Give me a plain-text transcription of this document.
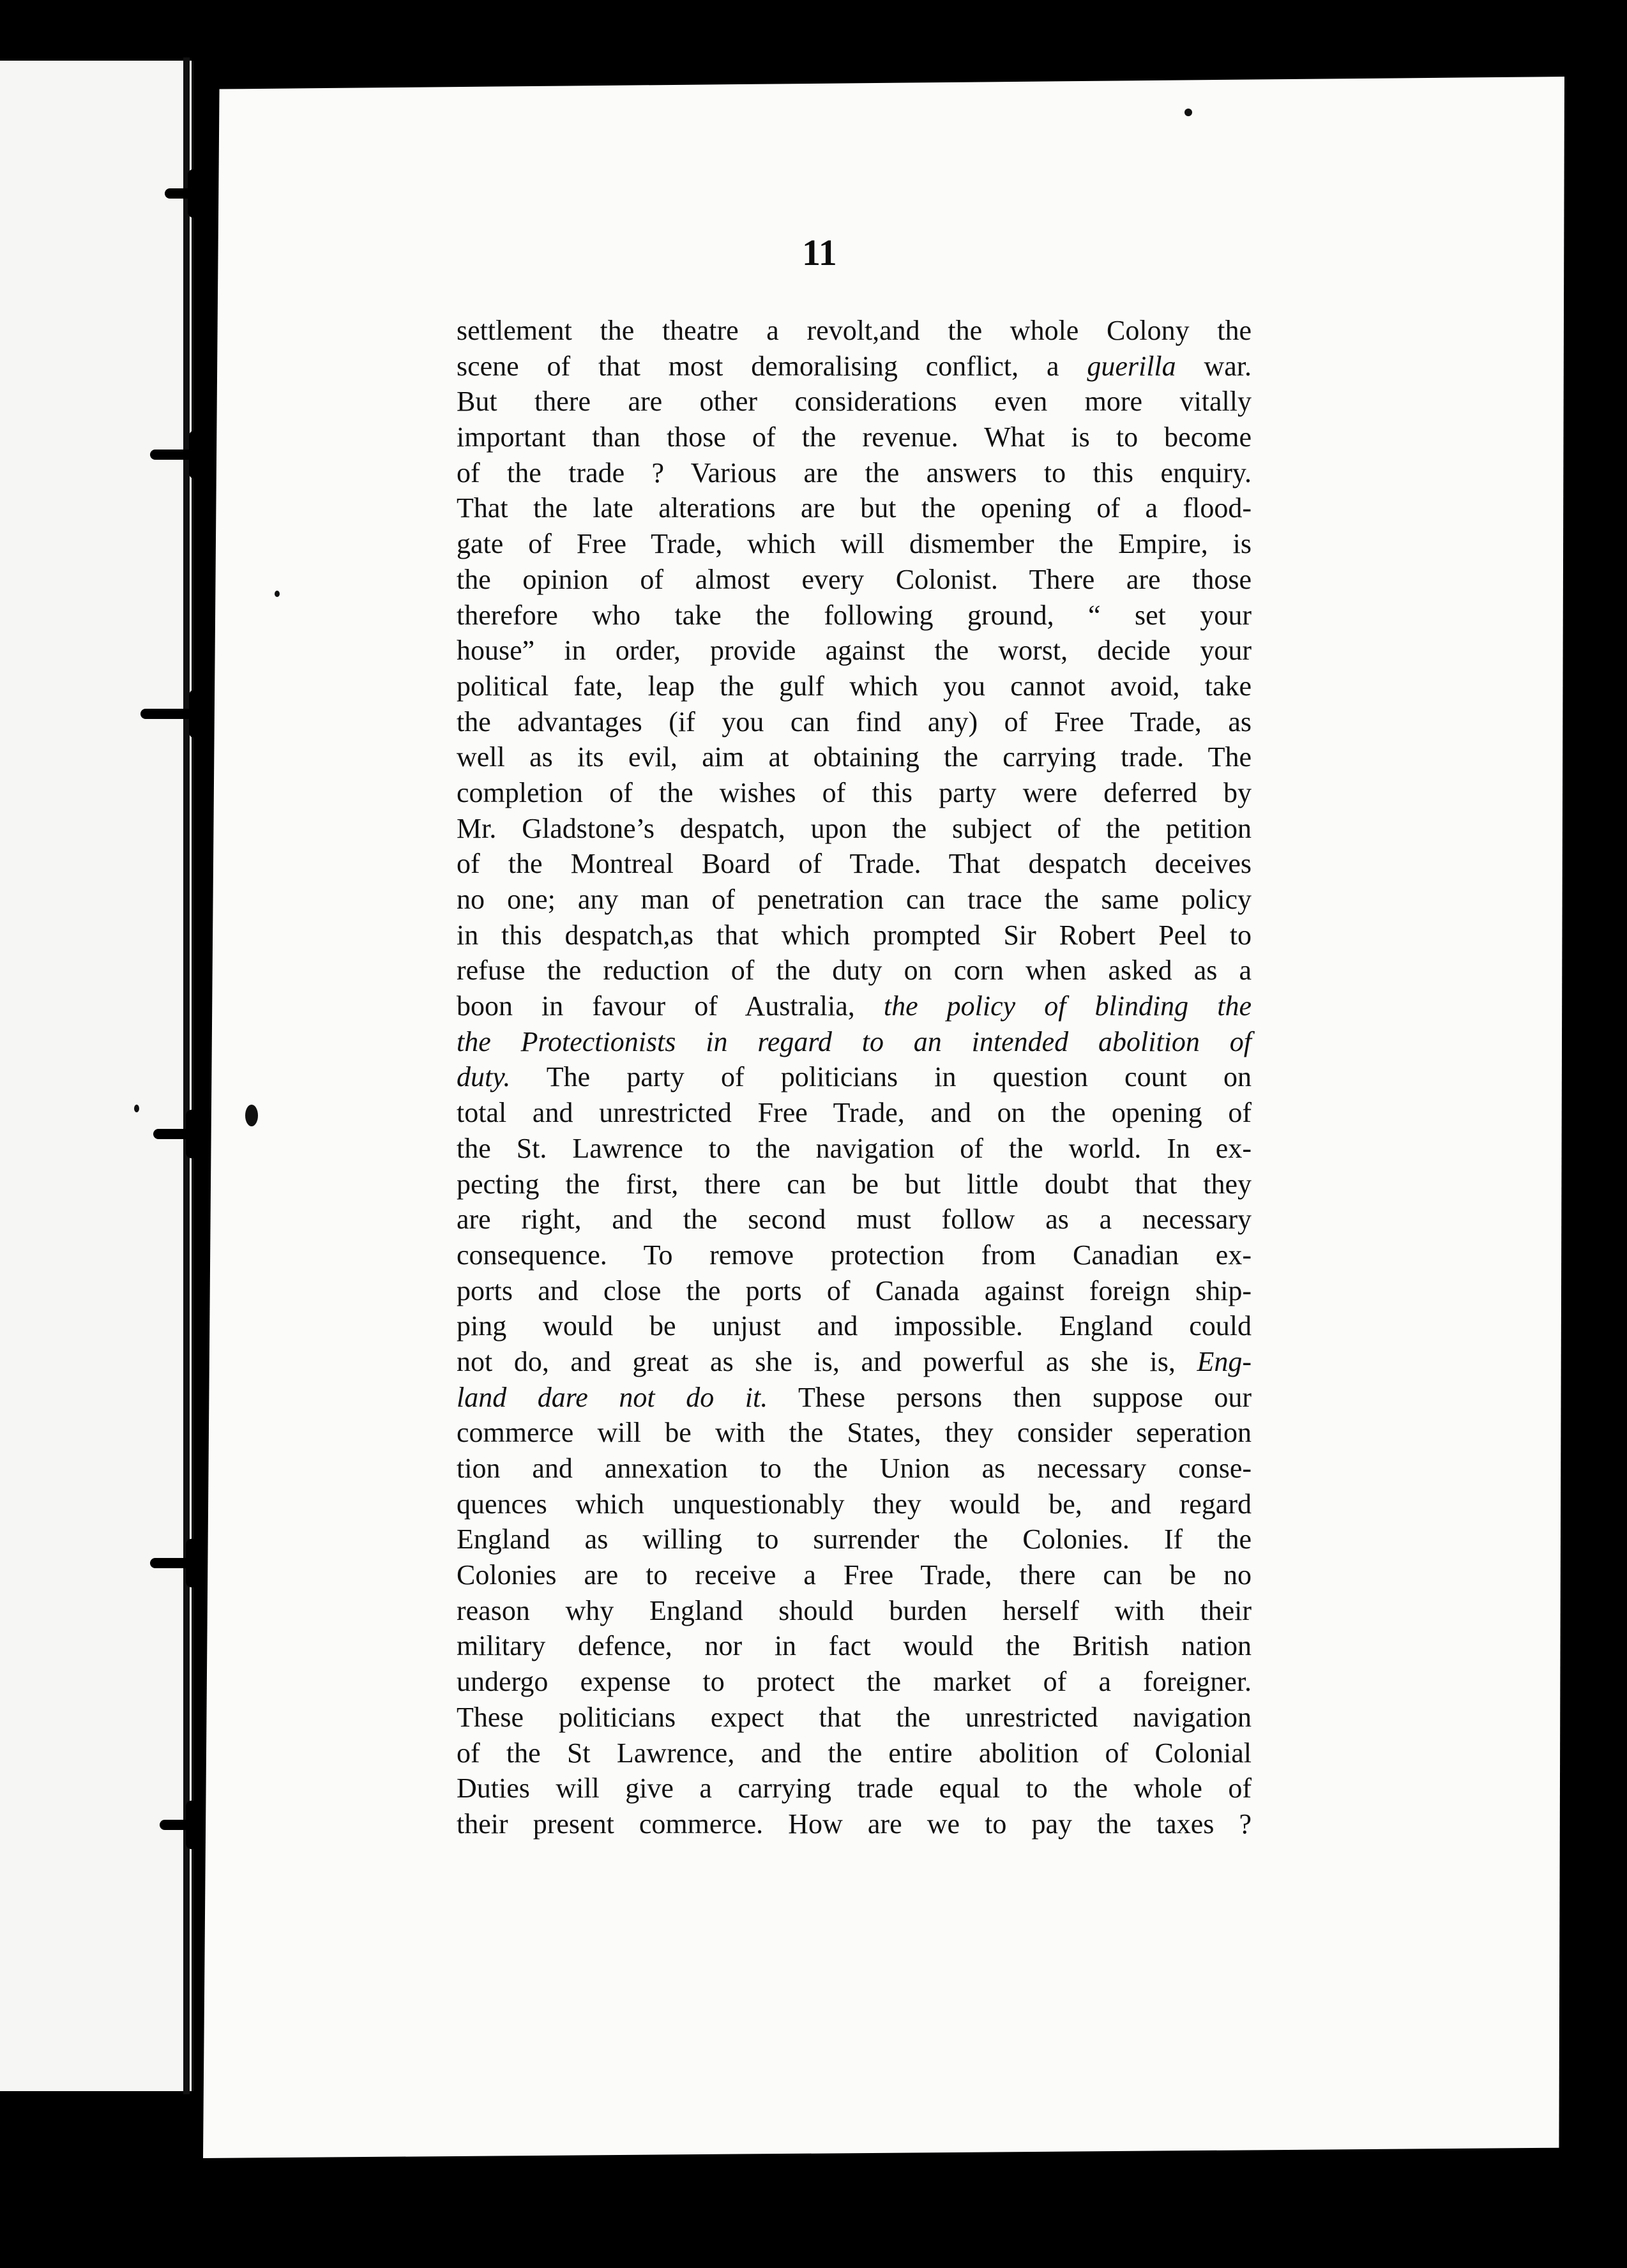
11
settlement the theatre a revolt,and the whole Colony the
scene of that most demoralising conflict, a guerilla war.
But there are other considerations even more vitally
important than those of the revenue. What is to become
of the trade ? Various are the answers to this enquiry.
That the late alterations are but the opening of a flood-
gate of Free Trade, which will dismember the Empire, is
the opinion of almost every Colonist. There are those
therefore who take the following ground, “ set your
house” in order, provide against the worst, decide your
political fate, leap the gulf which you cannot avoid, take
the advantages (if you can find any) of Free Trade, as
well as its evil, aim at obtaining the carrying trade. The
completion of the wishes of this party were deferred by
Mr. Gladstone’s despatch, upon the subject of the petition
of the Montreal Board of Trade. That despatch deceives
no one; any man of penetration can trace the same policy
in this despatch,as that which prompted Sir Robert Peel to
refuse the reduction of the duty on corn when asked as a
boon in favour of Australia, the policy of blinding the
the Protectionists in regard to an intended abolition of
duty. The party of politicians in question count on
total and unrestricted Free Trade, and on the opening of
the St. Lawrence to the navigation of the world. In ex-
pecting the first, there can be but little doubt that they
are right, and the second must follow as a necessary
consequence. To remove protection from Canadian ex-
ports and close the ports of Canada against foreign ship-
ping would be unjust and impossible. England could
not do, and great as she is, and powerful as she is, Eng-
land dare not do it. These persons then suppose our
commerce will be with the States, they consider seperation
tion and annexation to the Union as necessary conse-
quences which unquestionably they would be, and regard
England as willing to surrender the Colonies. If the
Colonies are to receive a Free Trade, there can be no
reason why England should burden herself with their
military defence, nor in fact would the British nation
undergo expense to protect the market of a foreigner.
These politicians expect that the unrestricted navigation
of the St Lawrence, and the entire abolition of Colonial
Duties will give a carrying trade equal to the whole of
their present commerce. How are we to pay the taxes ?
